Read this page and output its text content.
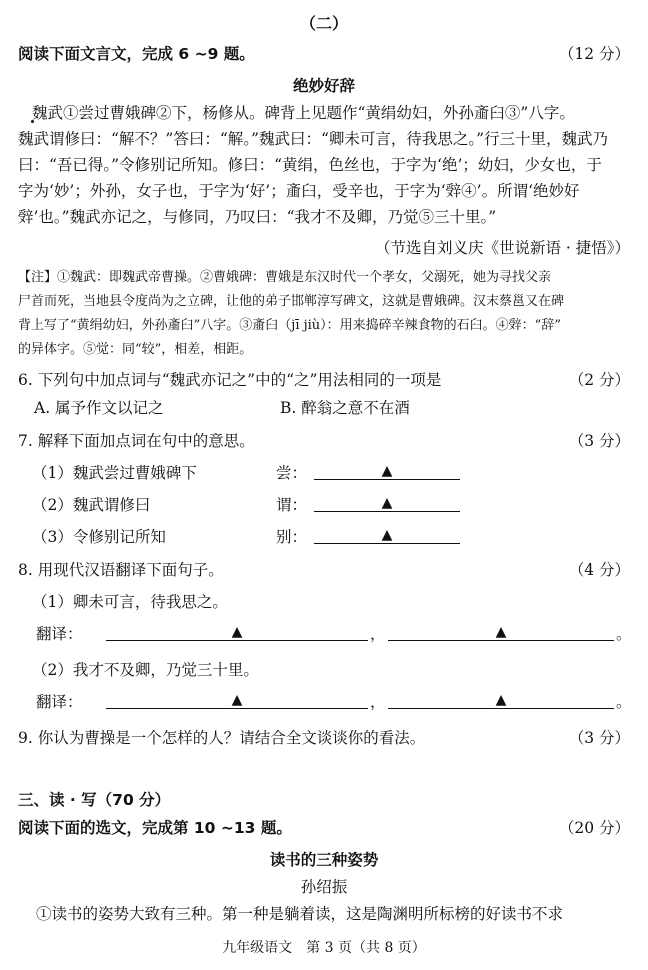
（二）
阅读下面文言文，完成 6 ~9 题。	（12 分）
绝妙好辞
魏武①尝过曹娥碑②下，杨修从。碑背上见题作“黄绢幼妇，外孙齑臼③”八字。
魏武谓修曰：“解不？”答曰：“解。”魏武曰：“卿未可言，待我思之。”行三十里，魏武乃
曰：“吾已得。”令修别记所知。修曰：“黄绢，色丝也，于字为‘绝’；幼妇，少女也，于
字为‘妙’；外孙，女子也，于字为‘好’；齑臼，受辛也，于字为‘辤④’。所谓‘绝妙好
辤’也。”魏武亦记之，与修同，乃叹曰：“我才不及卿，乃觉⑤三十里。”
（节选自刘义庆《世说新语 · 捷悟》）
【注】①魏武：即魏武帝曹操。②曹娥碑：曹娥是东汉时代一个孝女，父溺死，她为寻找父亲
尸首而死，当地县令度尚为之立碑，让他的弟子邯郸淳写碑文，这就是曹娥碑。汉末蔡邕又在碑
背上写了“黄绢幼妇，外孙齑臼”八字。③齑臼（jī jiù）：用来捣碎辛辣食物的石臼。④辤：“辞”
的异体字。⑤觉：同“较”，相差，相距。
6. 下列句中加点词与“魏武亦记之”中的“之”用法相同的一项是	（2 分）
A. 属予作文以记之	B. 醉翁之意不在酒
7. 解释下面加点词在句中的意思。	（3 分）
（1）魏武尝过曹娥碑下	尝：	▲
（2）魏武谓修曰	谓：	▲
（3）令修别记所知	别：	▲
8. 用现代汉语翻译下面句子。	（4 分）
（1）卿未可言，待我思之。
翻译：	▲	，	▲	。
（2）我才不及卿，乃觉三十里。
翻译：	▲	，	▲	。
9. 你认为曹操是一个怎样的人？请结合全文谈谈你的看法。	（3 分）
三、读 · 写（70 分）
阅读下面的选文，完成第 10 ~13 题。	（20 分）
读书的三种姿势
孙绍振
①读书的姿势大致有三种。第一种是躺着读，这是陶渊明所标榜的好读书不求
九年级语文　第 3 页（共 8 页）
